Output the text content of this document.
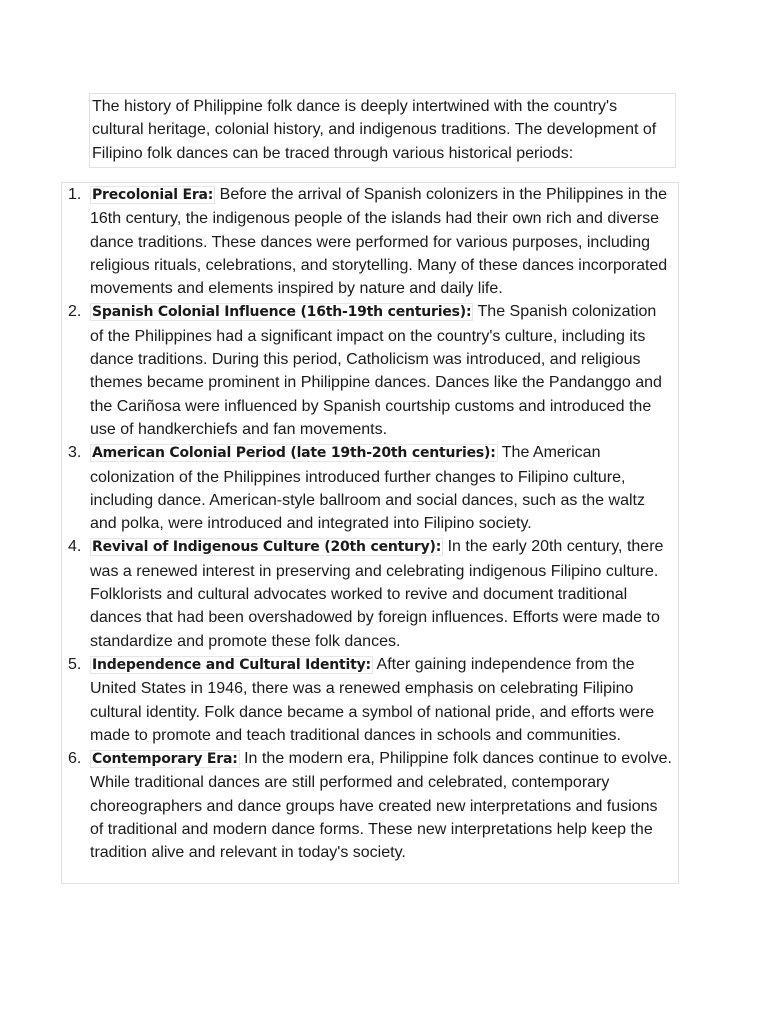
The history of Philippine folk dance is deeply intertwined with the country's cultural heritage, colonial history, and indigenous traditions. The development of Filipino folk dances can be traced through various historical periods:
1. Precolonial Era: Before the arrival of Spanish colonizers in the Philippines in the 16th century, the indigenous people of the islands had their own rich and diverse dance traditions. These dances were performed for various purposes, including religious rituals, celebrations, and storytelling. Many of these dances incorporated movements and elements inspired by nature and daily life.
2. Spanish Colonial Influence (16th-19th centuries): The Spanish colonization of the Philippines had a significant impact on the country's culture, including its dance traditions. During this period, Catholicism was introduced, and religious themes became prominent in Philippine dances. Dances like the Pandanggo and the Cariñosa were influenced by Spanish courtship customs and introduced the use of handkerchiefs and fan movements.
3. American Colonial Period (late 19th-20th centuries): The American colonization of the Philippines introduced further changes to Filipino culture, including dance. American-style ballroom and social dances, such as the waltz and polka, were introduced and integrated into Filipino society.
4. Revival of Indigenous Culture (20th century): In the early 20th century, there was a renewed interest in preserving and celebrating indigenous Filipino culture. Folklorists and cultural advocates worked to revive and document traditional dances that had been overshadowed by foreign influences. Efforts were made to standardize and promote these folk dances.
5. Independence and Cultural Identity: After gaining independence from the United States in 1946, there was a renewed emphasis on celebrating Filipino cultural identity. Folk dance became a symbol of national pride, and efforts were made to promote and teach traditional dances in schools and communities.
6. Contemporary Era: In the modern era, Philippine folk dances continue to evolve. While traditional dances are still performed and celebrated, contemporary choreographers and dance groups have created new interpretations and fusions of traditional and modern dance forms. These new interpretations help keep the tradition alive and relevant in today's society.
